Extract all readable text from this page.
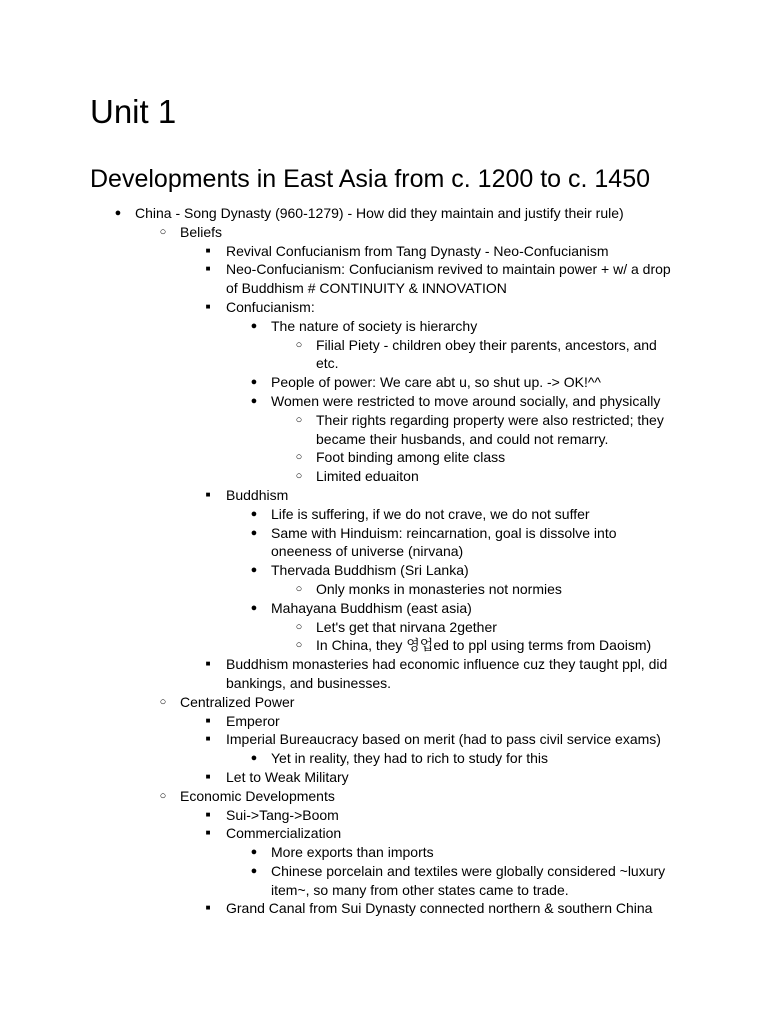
Unit 1
Developments in East Asia from c. 1200 to c. 1450
● China - Song Dynasty (960-1279) - How did they maintain and justify their rule)
○ Beliefs
■	Revival Confucianism from Tang Dynasty - Neo-Confucianism
■	Neo-Confucianism: Confucianism revived to maintain power + w/ a drop of Buddhism # CONTINUITY & INNOVATION
■	Confucianism:
● The nature of society is hierarchy
○ Filial Piety - children obey their parents, ancestors, and etc.
● People of power: We care abt u, so shut up. -> OK!^^
● Women were restricted to move around socially, and physically
○ Their rights regarding property were also restricted; they became their husbands, and could not remarry.
○ Foot binding among elite class
○ Limited eduaiton
■	Buddhism
● Life is suffering, if we do not crave, we do not suffer
● Same with Hinduism: reincarnation, goal is dissolve into oneeness of universe (nirvana)
● Thervada Buddhism (Sri Lanka)
○ Only monks in monasteries not normies
● Mahayana Buddhism (east asia)
○ Let's get that nirvana 2gether
○ In China, they 영업ed to ppl using terms from Daoism)
■	Buddhism monasteries had economic influence cuz they taught ppl, did bankings, and businesses.
○ Centralized Power
■	Emperor
■	Imperial Bureaucracy based on merit (had to pass civil service exams)
● Yet in reality, they had to rich to study for this
■	Let to Weak Military
○ Economic Developments
■	Sui->Tang->Boom
■	Commercialization
● More exports than imports
● Chinese porcelain and textiles were globally considered ~luxury item~, so many from other states came to trade.
■	Grand Canal from Sui Dynasty connected northern & southern China
